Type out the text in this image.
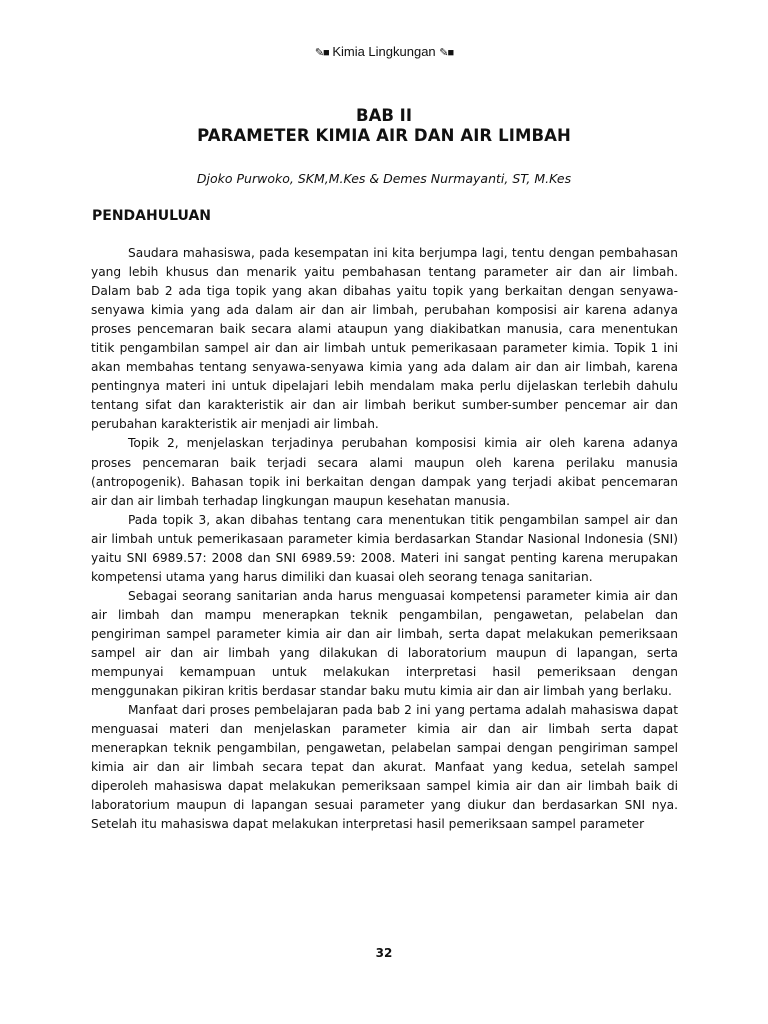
✎■ Kimia Lingkungan ✎■
BAB II
PARAMETER KIMIA AIR DAN AIR LIMBAH
Djoko Purwoko, SKM,M.Kes & Demes Nurmayanti, ST, M.Kes
PENDAHULUAN

Saudara mahasiswa, pada kesempatan ini kita berjumpa lagi, tentu dengan pembahasan yang lebih khusus dan menarik yaitu pembahasan tentang parameter air dan air limbah. Dalam bab 2 ada tiga topik yang akan dibahas yaitu topik yang berkaitan dengan senyawa-senyawa kimia yang ada dalam air dan air limbah, perubahan komposisi air karena adanya proses pencemaran baik secara alami ataupun yang diakibatkan manusia, cara menentukan titik pengambilan sampel air dan air limbah untuk pemerikasaan parameter kimia. Topik 1 ini akan membahas tentang senyawa-senyawa kimia yang ada dalam air dan air limbah, karena pentingnya materi ini untuk dipelajari lebih mendalam maka perlu dijelaskan terlebih dahulu tentang sifat dan karakteristik air dan air limbah berikut sumber-sumber pencemar air dan perubahan karakteristik air menjadi air limbah.

Topik 2, menjelaskan terjadinya perubahan komposisi kimia air oleh karena adanya proses pencemaran baik terjadi secara alami maupun oleh karena perilaku manusia (antropogenik). Bahasan topik ini berkaitan dengan dampak yang terjadi akibat pencemaran air dan air limbah terhadap lingkungan maupun kesehatan manusia.

Pada topik 3, akan dibahas tentang cara menentukan titik pengambilan sampel air dan air limbah untuk pemerikasaan parameter kimia berdasarkan Standar Nasional Indonesia (SNI) yaitu SNI 6989.57: 2008 dan SNI 6989.59: 2008. Materi ini sangat penting karena merupakan kompetensi utama yang harus dimiliki dan kuasai oleh seorang tenaga sanitarian.

Sebagai seorang sanitarian anda harus menguasai kompetensi parameter kimia air dan air limbah dan mampu menerapkan teknik pengambilan, pengawetan, pelabelan dan pengiriman sampel parameter kimia air dan air limbah, serta dapat melakukan pemeriksaan sampel air dan air limbah yang dilakukan di laboratorium maupun di lapangan, serta mempunyai kemampuan untuk melakukan interpretasi hasil pemeriksaan dengan menggunakan pikiran kritis berdasar standar baku mutu kimia air dan air limbah yang berlaku.

Manfaat dari proses pembelajaran pada bab 2 ini yang pertama adalah mahasiswa dapat menguasai materi dan menjelaskan parameter kimia air dan air limbah serta dapat menerapkan teknik pengambilan, pengawetan, pelabelan sampai dengan pengiriman sampel kimia air dan air limbah secara tepat dan akurat. Manfaat yang kedua, setelah sampel diperoleh mahasiswa dapat melakukan pemeriksaan sampel kimia air dan air limbah baik di laboratorium maupun di lapangan sesuai parameter yang diukur dan berdasarkan SNI nya. Setelah itu mahasiswa dapat melakukan interpretasi hasil pemeriksaan sampel parameter

32
